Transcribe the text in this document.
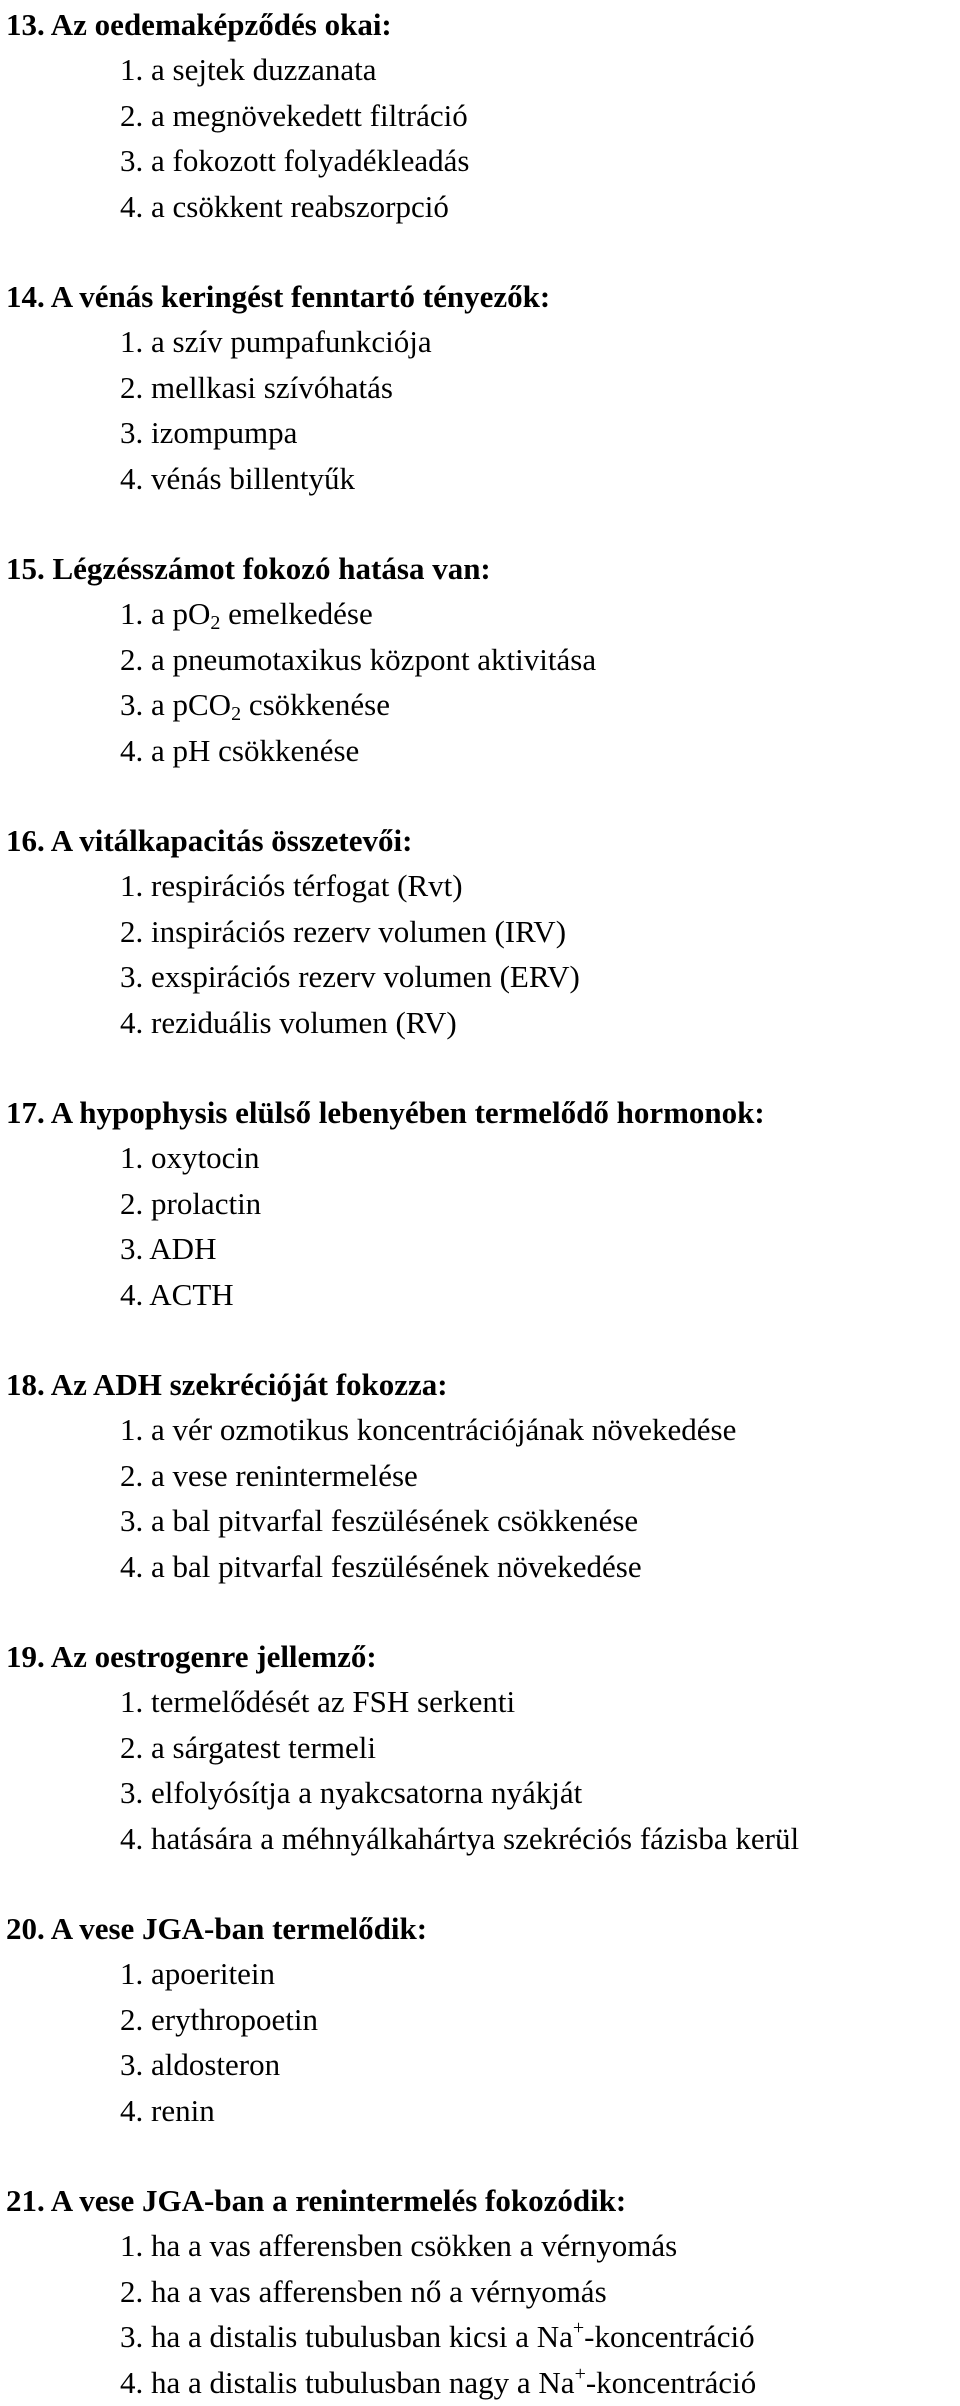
13. Az oedemaképződés okai:
1. a sejtek duzzanata
2. a megnövekedett filtráció
3. a fokozott folyadékleadás
4. a csökkent reabszorpció
14. A vénás keringést fenntartó tényezők:
1. a szív pumpafunkciója
2. mellkasi szívóhatás
3. izompumpa
4. vénás billentyűk
15. Légzésszámot fokozó hatása van:
1. a $pO_2$ emelkedése
2. a pneumotaxikus központ aktivitása
3. a pCO$_2$ csökkenése
4. a pH csökkenése
16. A vitálkapacitás összetevői:
1. respirációs térfogat (Rvt)
2. inspirációs rezerv volumen (IRV)
3. exspirációs rezerv volumen (ERV)
4. reziduális volumen (RV)
17. A hypophysis elülső lebenyében termelődő hormonok:
1. oxytocin
2. prolactin
3. ADH
4. ACTH
18. Az ADH szekrécióját fokozza:
1. a vér ozmotikus koncentrációjának növekedése
2. a vese renintermelése
3. a bal pitvarfal feszülésének csökkenése
4. a bal pitvarfal feszülésének növekedése
19. Az oestrogenre jellemző:
1. termelődését az FSH serkenti
2. a sárgatest termeli
3. elfolyósítja a nyakcsatorna nyákját
4. hatására a méhnyálkahártya szekréciós fázisba kerül
20. A vese JGA-ban termelődik:
1. apoeritein
2. erythropoetin
3. aldosteron
4. renin
21. A vese JGA-ban a renintermelés fokozódik:
1. ha a vas afferensben csökken a vérnyomás
2. ha a vas afferensben nő a vérnyomás
3. ha a distalis tubulusban kicsi a Na+-koncentráció
4. ha a distalis tubulusban nagy a Na+-koncentráció
